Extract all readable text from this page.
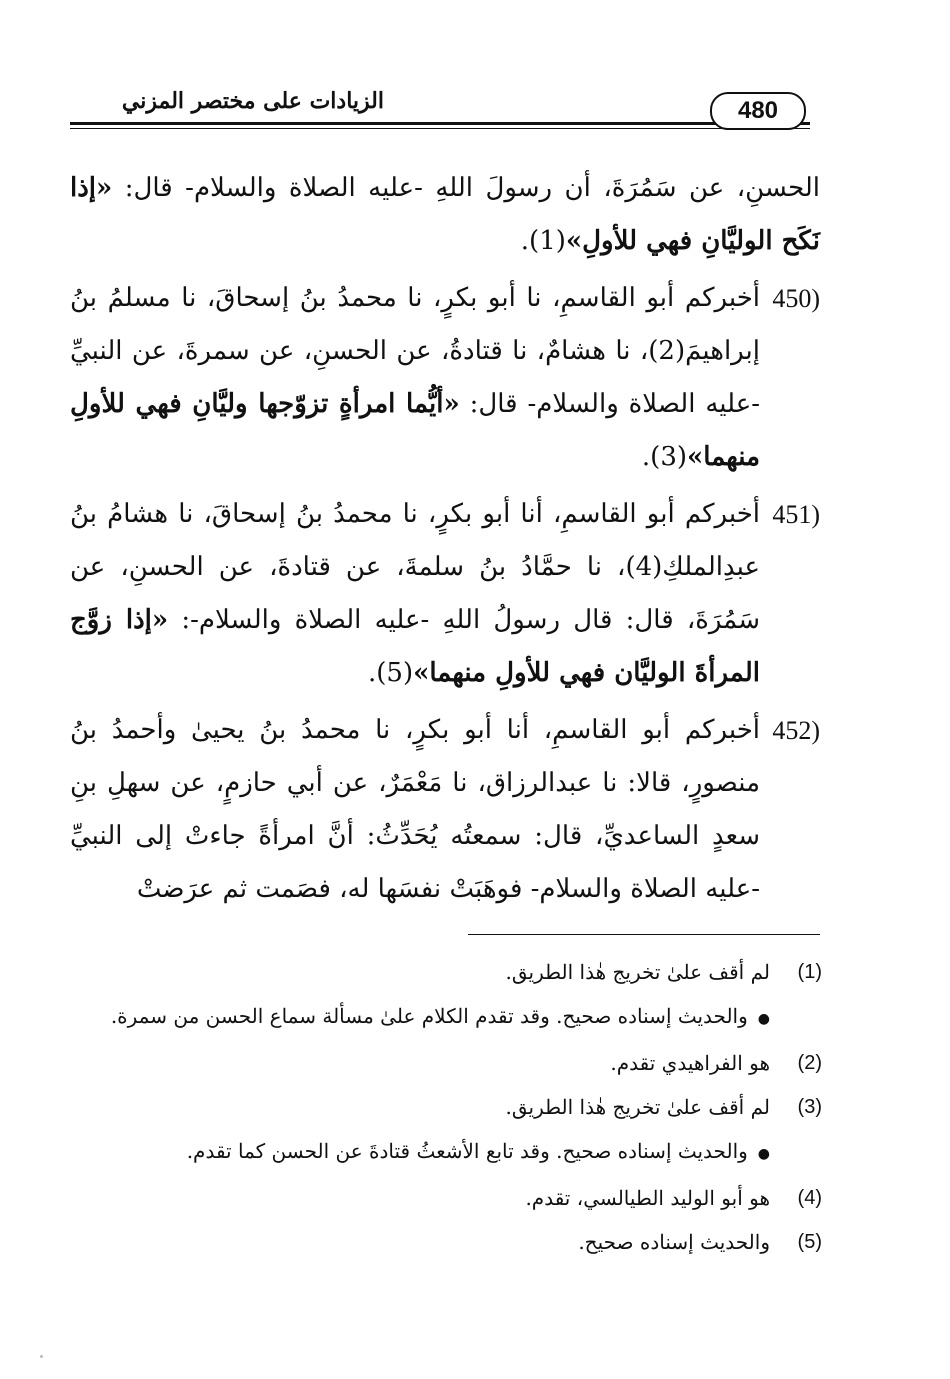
الزيادات على مختصر المزني	480

الحسنِ، عن سَمُرَةَ، أن رسولَ اللهِ -عليه الصلاة والسلام- قال: «إذا نَكَح الوليَّانِ فهي للأولِ»(1).

450)
أخبركم أبو القاسمِ، نا أبو بكرٍ، نا محمدُ بنُ إسحاقَ، نا مسلمُ بنُ إبراهيمَ(2)، نا هشامٌ، نا قتادةُ، عن الحسنِ، عن سمرةَ، عن النبيِّ -عليه الصلاة والسلام- قال: «أيُّما امرأةٍ تزوّجها وليَّانِ فهي للأولِ منهما»(3).

451)
أخبركم أبو القاسمِ، أنا أبو بكرٍ، نا محمدُ بنُ إسحاقَ، نا هشامُ بنُ عبدِالملكِ(4)، نا حمَّادُ بنُ سلمةَ، عن قتادةَ، عن الحسنِ، عن سَمُرَةَ، قال: قال رسولُ اللهِ -عليه الصلاة والسلام-: «إذا زوَّج المرأةَ الوليَّان فهي للأولِ منهما»(5).

452)
أخبركم أبو القاسمِ، أنا أبو بكرٍ، نا محمدُ بنُ يحيىٰ وأحمدُ بنُ منصورٍ، قالا: نا عبدالرزاق، نا مَعْمَرٌ، عن أبي حازمٍ، عن سهلِ بنِ سعدٍ الساعديِّ، قال: سمعتُه يُحَدِّثُ: أنَّ امرأةً جاءتْ إلى النبيِّ -عليه الصلاة والسلام- فوهَبَتْ نفسَها له، فصَمت ثم عرَضتْ

(1)
لم أقف علىٰ تخريج هٰذا الطريق.

● والحديث إسناده صحيح. وقد تقدم الكلام علىٰ مسألة سماع الحسن من سمرة.

(2)
هو الفراهيدي تقدم.

(3)
لم أقف علىٰ تخريج هٰذا الطريق.

● والحديث إسناده صحيح. وقد تابع الأشعثُ قتادةَ عن الحسن كما تقدم.

(4)
هو أبو الوليد الطيالسي، تقدم.

(5)
والحديث إسناده صحيح.
